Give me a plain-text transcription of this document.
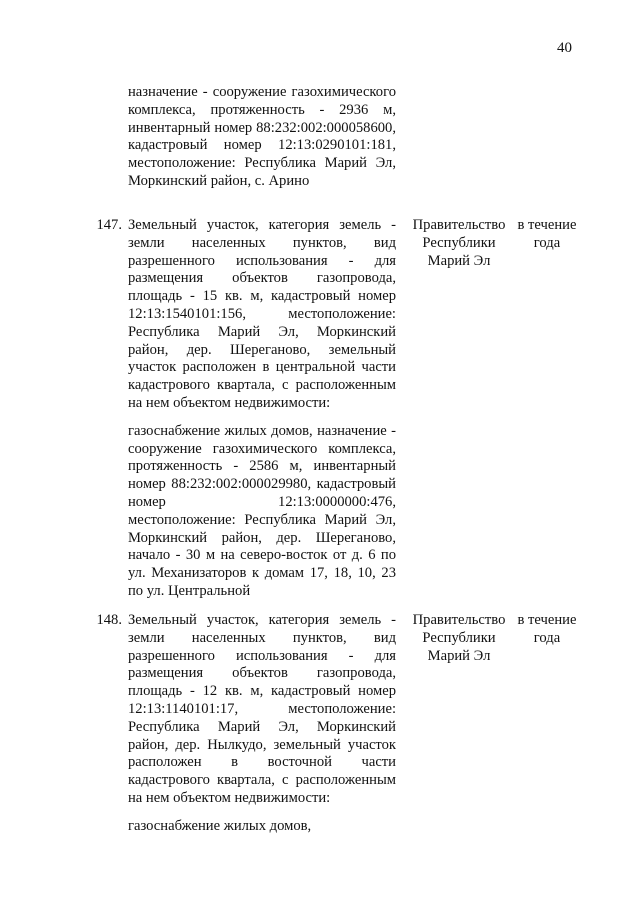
40

назначение - сооружение газохимического комплекса, протяженность - 2936 м, инвентарный номер 88:232:002:000058600, кадастровый номер 12:13:0290101:181, местоположение: Республика Марий Эл, Моркинский район, с. Арино

147. Земельный участок, категория земель - земли населенных пунктов, вид разрешенного использования - для размещения объектов газопровода, площадь - 15 кв. м, кадастровый номер 12:13:1540101:156, местоположение: Республика Марий Эл, Моркинский район, дер. Шереганово, земельный участок расположен в центральной части кадастрового квартала, с расположенным на нем объектом недвижимости:

газоснабжение жилых домов, назначение - сооружение газохимического комплекса, протяженность - 2586 м, инвентарный номер 88:232:002:000029980, кадастровый номер 12:13:0000000:476, местоположение: Республика Марий Эл, Моркинский район, дер. Шереганово, начало - 30 м на северо-восток от д. 6 по ул. Механизаторов к домам 17, 18, 10, 23 по ул. Центральной

Правительство Республики Марий Эл
в течение года
148. Земельный участок, категория земель - земли населенных пунктов, вид разрешенного использования - для размещения объектов газопровода, площадь - 12 кв. м, кадастровый номер 12:13:1140101:17, местоположение: Республика Марий Эл, Моркинский район, дер. Нылкудо, земельный участок расположен в восточной части кадастрового квартала, с расположенным на нем объектом недвижимости:

газоснабжение жилых домов,

Правительство Республики Марий Эл
в течение года
